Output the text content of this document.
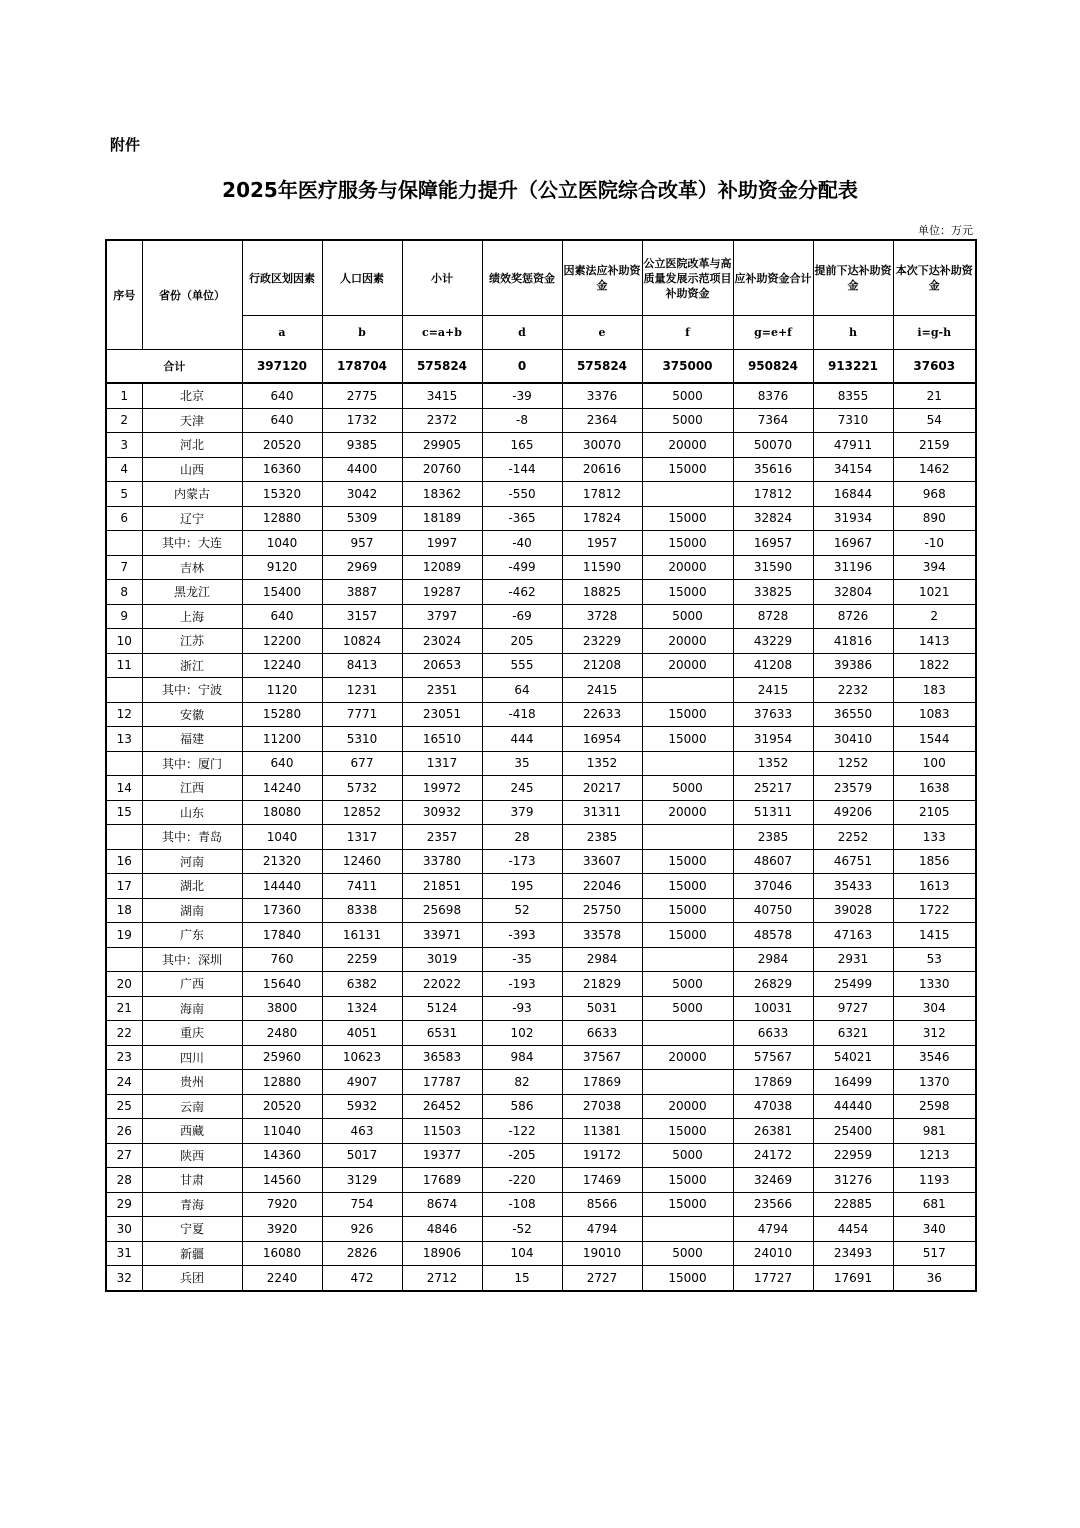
附件
2025年医疗服务与保障能力提升（公立医院综合改革）补助资金分配表
单位：万元
序号	省份（单位）	行政区划因素	人口因素	小计	绩效奖惩资金	因素法应补助资金	公立医院改革与高质量发展示范项目补助资金	应补助资金合计	提前下达补助资金	本次下达补助资金
		a	b	c=a+b	d	e	f	g=e+f	h	i=g-h
合计		397120	178704	575824	0	575824	375000	950824	913221	37603
1	北京	640	2775	3415	-39	3376	5000	8376	8355	21
2	天津	640	1732	2372	-8	2364	5000	7364	7310	54
3	河北	20520	9385	29905	165	30070	20000	50070	47911	2159
4	山西	16360	4400	20760	-144	20616	15000	35616	34154	1462
5	内蒙古	15320	3042	18362	-550	17812		17812	16844	968
6	辽宁	12880	5309	18189	-365	17824	15000	32824	31934	890
	其中：大连	1040	957	1997	-40	1957	15000	16957	16967	-10
7	吉林	9120	2969	12089	-499	11590	20000	31590	31196	394
8	黑龙江	15400	3887	19287	-462	18825	15000	33825	32804	1021
9	上海	640	3157	3797	-69	3728	5000	8728	8726	2
10	江苏	12200	10824	23024	205	23229	20000	43229	41816	1413
11	浙江	12240	8413	20653	555	21208	20000	41208	39386	1822
	其中：宁波	1120	1231	2351	64	2415		2415	2232	183
12	安徽	15280	7771	23051	-418	22633	15000	37633	36550	1083
13	福建	11200	5310	16510	444	16954	15000	31954	30410	1544
	其中：厦门	640	677	1317	35	1352		1352	1252	100
14	江西	14240	5732	19972	245	20217	5000	25217	23579	1638
15	山东	18080	12852	30932	379	31311	20000	51311	49206	2105
	其中：青岛	1040	1317	2357	28	2385		2385	2252	133
16	河南	21320	12460	33780	-173	33607	15000	48607	46751	1856
17	湖北	14440	7411	21851	195	22046	15000	37046	35433	1613
18	湖南	17360	8338	25698	52	25750	15000	40750	39028	1722
19	广东	17840	16131	33971	-393	33578	15000	48578	47163	1415
	其中：深圳	760	2259	3019	-35	2984		2984	2931	53
20	广西	15640	6382	22022	-193	21829	5000	26829	25499	1330
21	海南	3800	1324	5124	-93	5031	5000	10031	9727	304
22	重庆	2480	4051	6531	102	6633		6633	6321	312
23	四川	25960	10623	36583	984	37567	20000	57567	54021	3546
24	贵州	12880	4907	17787	82	17869		17869	16499	1370
25	云南	20520	5932	26452	586	27038	20000	47038	44440	2598
26	西藏	11040	463	11503	-122	11381	15000	26381	25400	981
27	陕西	14360	5017	19377	-205	19172	5000	24172	22959	1213
28	甘肃	14560	3129	17689	-220	17469	15000	32469	31276	1193
29	青海	7920	754	8674	-108	8566	15000	23566	22885	681
30	宁夏	3920	926	4846	-52	4794		4794	4454	340
31	新疆	16080	2826	18906	104	19010	5000	24010	23493	517
32	兵团	2240	472	2712	15	2727	15000	17727	17691	36
